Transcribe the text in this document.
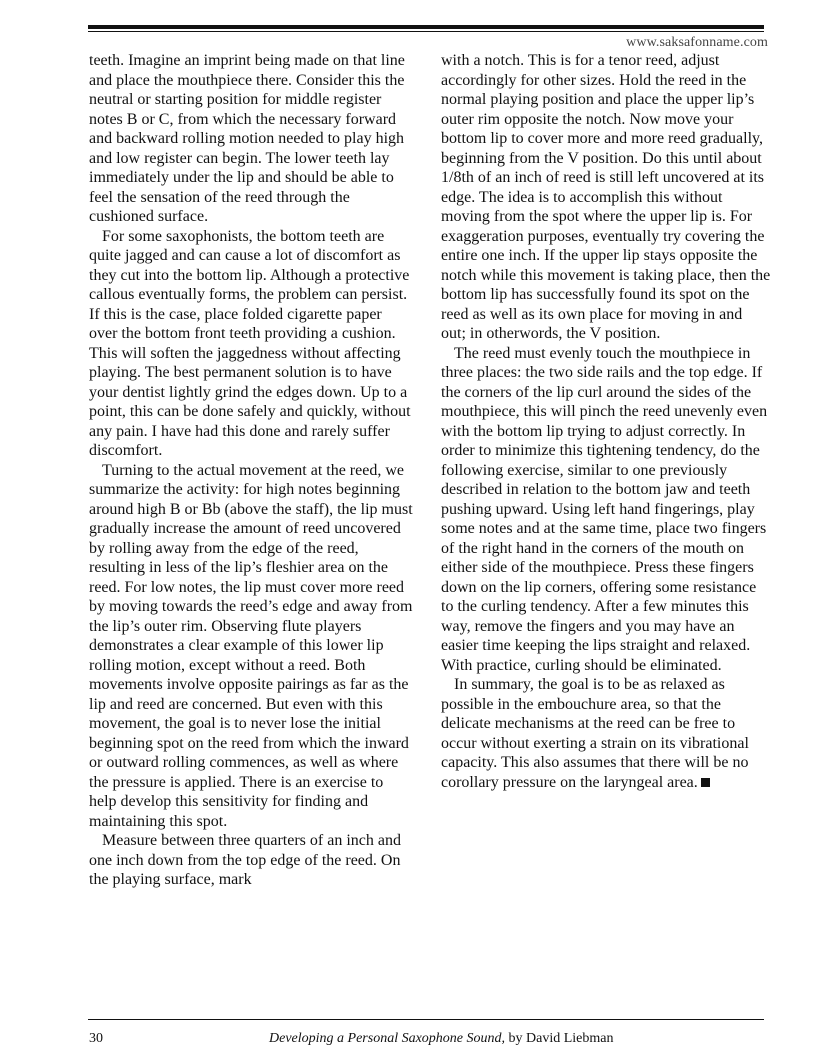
www.saksafonname.com

teeth. Imagine an imprint being made on that line and place the mouthpiece there. Consider this the neutral or starting position for middle register notes B or C, from which the necessary forward and backward rolling motion needed to play high and low register can begin. The lower teeth lay immediately under the lip and should be able to feel the sensation of the reed through the cushioned surface.

For some saxophonists, the bottom teeth are quite jagged and can cause a lot of discomfort as they cut into the bottom lip. Although a protective callous eventually forms, the problem can persist. If this is the case, place folded cigarette paper over the bottom front teeth providing a cushion. This will soften the jaggedness without affecting playing. The best permanent solution is to have your dentist lightly grind the edges down. Up to a point, this can be done safely and quickly, without any pain. I have had this done and rarely suffer discomfort.

Turning to the actual movement at the reed, we summarize the activity: for high notes beginning around high B or Bb (above the staff), the lip must gradually increase the amount of reed uncovered by rolling away from the edge of the reed, resulting in less of the lip’s fleshier area on the reed. For low notes, the lip must cover more reed by moving towards the reed’s edge and away from the lip’s outer rim. Observing flute players demonstrates a clear example of this lower lip rolling motion, except without a reed. Both movements involve opposite pairings as far as the lip and reed are concerned. But even with this movement, the goal is to never lose the initial beginning spot on the reed from which the inward or outward rolling commences, as well as where the pressure is applied. There is an exercise to help develop this sensitivity for finding and maintaining this spot.

Measure between three quarters of an inch and one inch down from the top edge of the reed. On the playing surface, mark

with a notch. This is for a tenor reed, adjust accordingly for other sizes. Hold the reed in the normal playing position and place the upper lip’s outer rim opposite the notch. Now move your bottom lip to cover more and more reed gradually, beginning from the V position. Do this until about 1/8th of an inch of reed is still left uncovered at its edge. The idea is to accomplish this without moving from the spot where the upper lip is. For exaggeration purposes, eventually try covering the entire one inch. If the upper lip stays opposite the notch while this movement is taking place, then the bottom lip has successfully found its spot on the reed as well as its own place for moving in and out; in otherwords, the V position.

The reed must evenly touch the mouthpiece in three places: the two side rails and the top edge. If the corners of the lip curl around the sides of the mouthpiece, this will pinch the reed unevenly even with the bottom lip trying to adjust correctly. In order to minimize this tightening tendency, do the following exercise, similar to one previously described in relation to the bottom jaw and teeth pushing upward. Using left hand fingerings, play some notes and at the same time, place two fingers of the right hand in the corners of the mouth on either side of the mouthpiece. Press these fingers down on the lip corners, offering some resistance to the curling tendency. After a few minutes this way, remove the fingers and you may have an easier time keeping the lips straight and relaxed. With practice, curling should be eliminated.

In summary, the goal is to be as relaxed as possible in the embouchure area, so that the delicate mechanisms at the reed can be free to occur without exerting a strain on its vibrational capacity. This also assumes that there will be no corollary pressure on the laryngeal area.

30	Developing a Personal Saxophone Sound, by David Liebman
